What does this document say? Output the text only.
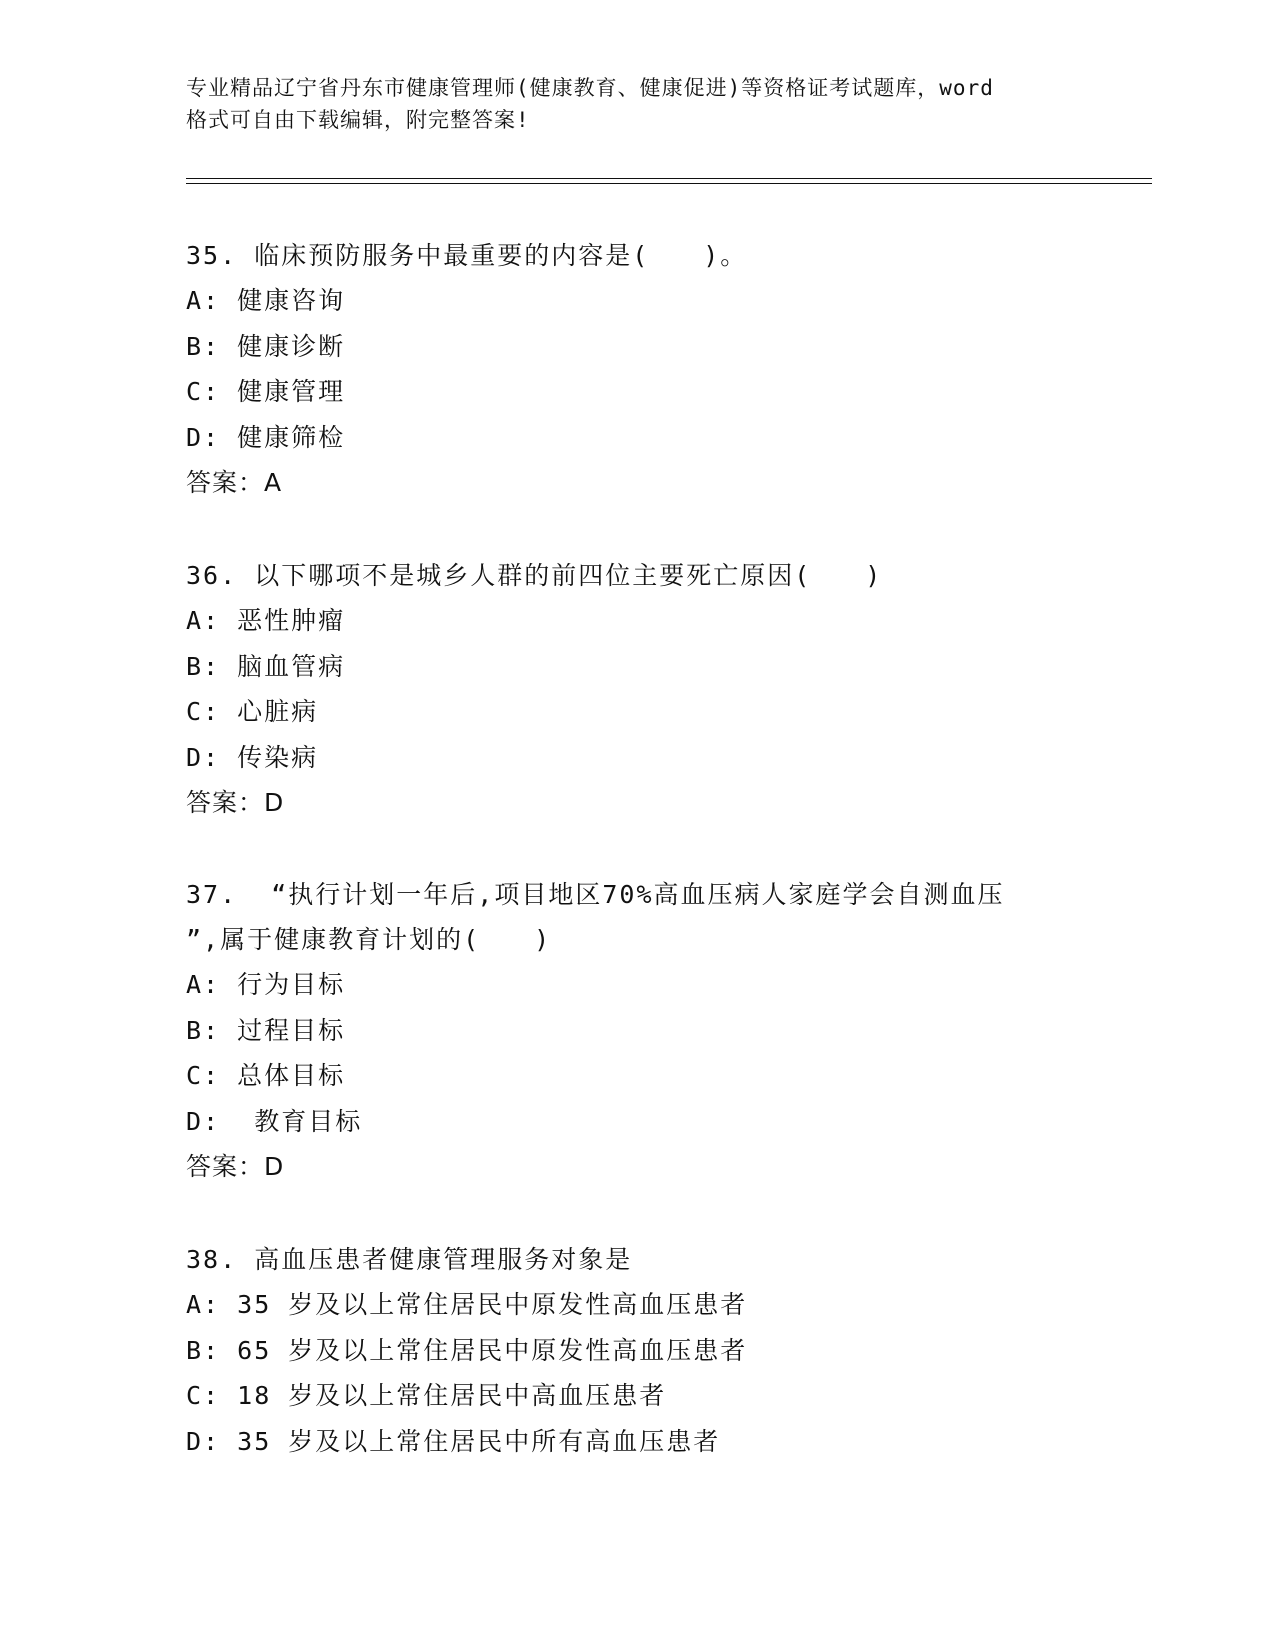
专业精品辽宁省丹东市健康管理师(健康教育、健康促进)等资格证考试题库，word
格式可自由下载编辑，附完整答案!
35. 临床预防服务中最重要的内容是(　　)。
A: 健康咨询
B: 健康诊断
C: 健康管理
D: 健康筛检
答案：A
36. 以下哪项不是城乡人群的前四位主要死亡原因(　　)
A: 恶性肿瘤
B: 脑血管病
C: 心脏病
D: 传染病
答案：D
37.  “执行计划一年后,项目地区70%高血压病人家庭学会自测血压
”,属于健康教育计划的(　　)
A: 行为目标
B: 过程目标
C: 总体目标
D:  教育目标
答案：D
38. 高血压患者健康管理服务对象是
A: 35 岁及以上常住居民中原发性高血压患者
B: 65 岁及以上常住居民中原发性高血压患者
C: 18 岁及以上常住居民中高血压患者
D: 35 岁及以上常住居民中所有高血压患者
